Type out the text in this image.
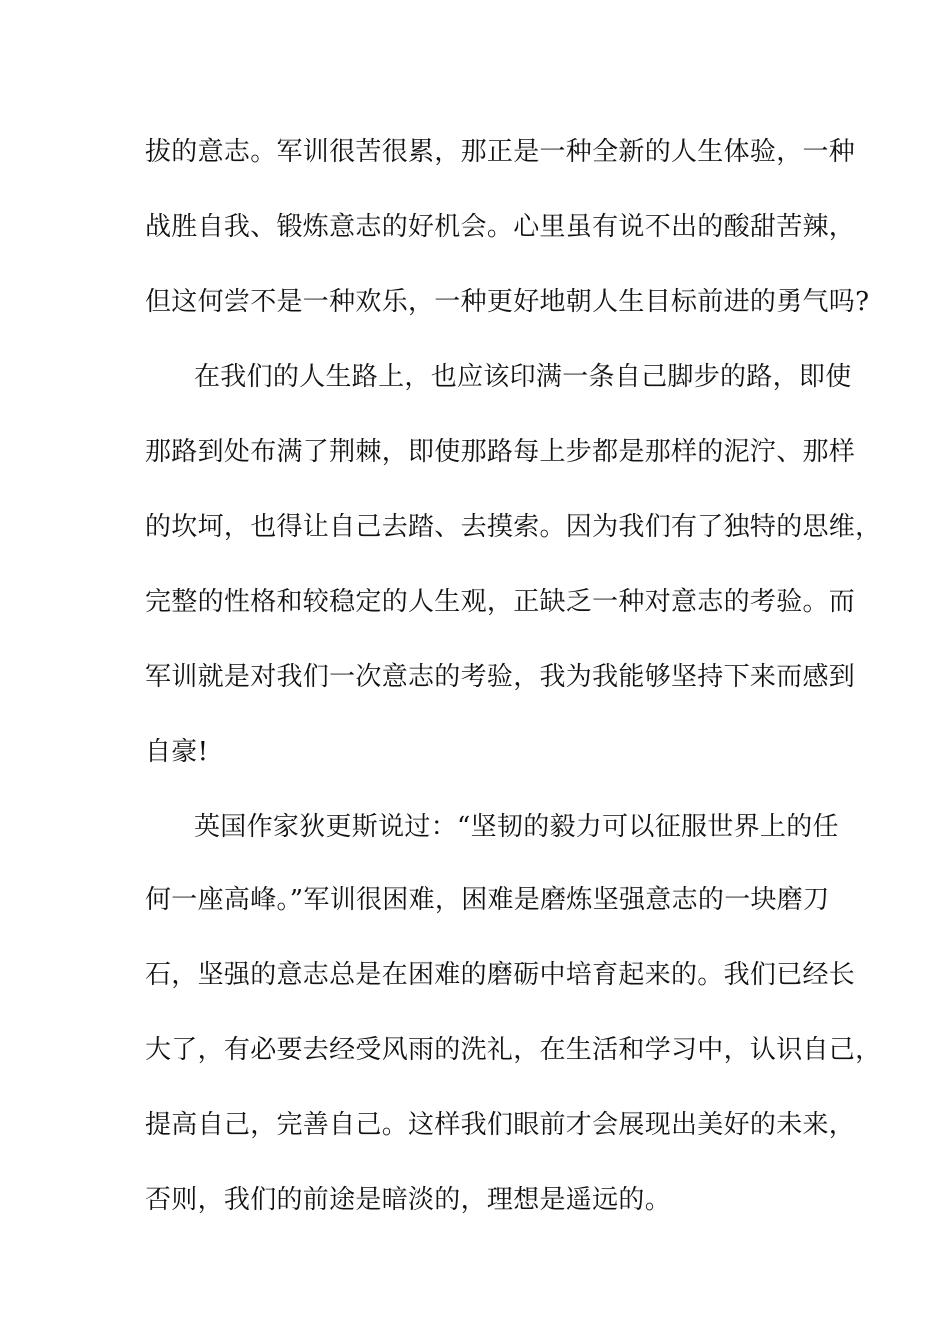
拔的意志。军训很苦很累，那正是一种全新的人生体验，一种
战胜自我、锻炼意志的好机会。心里虽有说不出的酸甜苦辣，
但这何尝不是一种欢乐，一种更好地朝人生目标前进的勇气吗?
在我们的人生路上，也应该印满一条自己脚步的路，即使
那路到处布满了荆棘，即使那路每上步都是那样的泥泞、那样
的坎坷，也得让自己去踏、去摸索。因为我们有了独特的思维，
完整的性格和较稳定的人生观，正缺乏一种对意志的考验。而
军训就是对我们一次意志的考验，我为我能够坚持下来而感到
自豪!
英国作家狄更斯说过：“坚韧的毅力可以征服世界上的任
何一座高峰。”军训很困难，困难是磨炼坚强意志的一块磨刀
石，坚强的意志总是在困难的磨砺中培育起来的。我们已经长
大了，有必要去经受风雨的洗礼，在生活和学习中，认识自己，
提高自己，完善自己。这样我们眼前才会展现出美好的未来，
否则，我们的前途是暗淡的，理想是遥远的。
